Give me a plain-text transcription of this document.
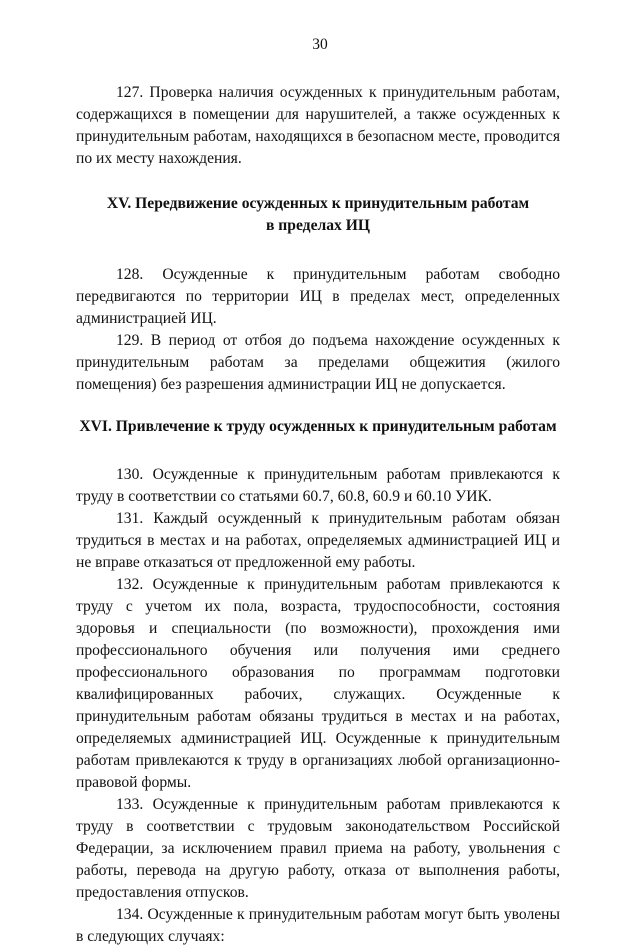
30

127. Проверка наличия осужденных к принудительным работам, содержащихся в помещении для нарушителей, а также осужденных к принудительным работам, находящихся в безопасном месте, проводится по их месту нахождения.

XV. Передвижение осужденных к принудительным работам
в пределах ИЦ

128. Осужденные к принудительным работам свободно передвигаются по территории ИЦ в пределах мест, определенных администрацией ИЦ.

129. В период от отбоя до подъема нахождение осужденных к принудительным работам за пределами общежития (жилого помещения) без разрешения администрации ИЦ не допускается.

XVI. Привлечение к труду осужденных к принудительным работам

130. Осужденные к принудительным работам привлекаются к труду в соответствии со статьями 60.7, 60.8, 60.9 и 60.10 УИК.

131. Каждый осужденный к принудительным работам обязан трудиться в местах и на работах, определяемых администрацией ИЦ и не вправе отказаться от предложенной ему работы.

132. Осужденные к принудительным работам привлекаются к труду с учетом их пола, возраста, трудоспособности, состояния здоровья и специальности (по возможности), прохождения ими профессионального обучения или получения ими среднего профессионального образования по программам подготовки квалифицированных рабочих, служащих. Осужденные к принудительным работам обязаны трудиться в местах и на работах, определяемых администрацией ИЦ. Осужденные к принудительным работам привлекаются к труду в организациях любой организационно-правовой формы.

133. Осужденные к принудительным работам привлекаются к труду в соответствии с трудовым законодательством Российской Федерации, за исключением правил приема на работу, увольнения с работы, перевода на другую работу, отказа от выполнения работы, предоставления отпусков.

134. Осужденные к принудительным работам могут быть уволены в следующих случаях:
